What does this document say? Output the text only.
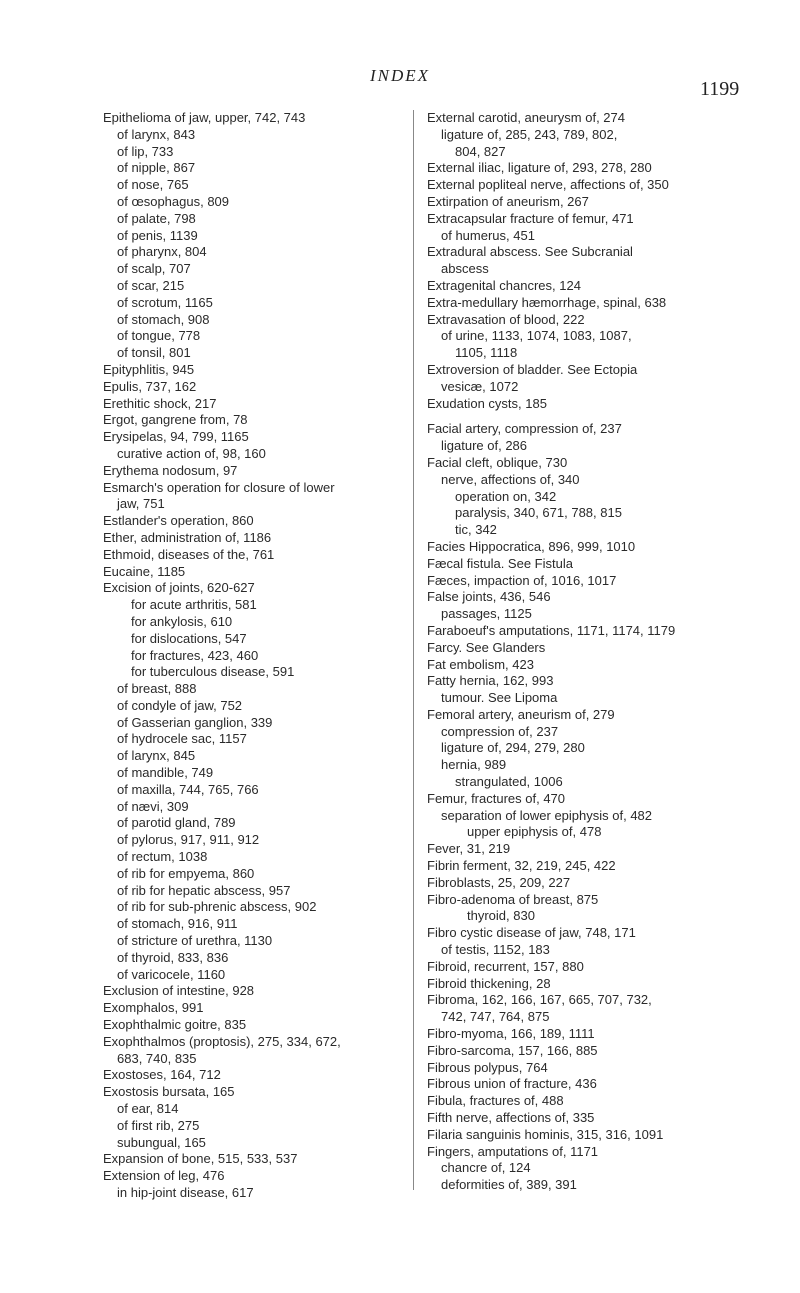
INDEX
1199
Epithelioma of jaw, upper, 742, 743
of larynx, 843
of lip, 733
of nipple, 867
of nose, 765
of œsophagus, 809
of palate, 798
of penis, 1139
of pharynx, 804
of scalp, 707
of scar, 215
of scrotum, 1165
of stomach, 908
of tongue, 778
of tonsil, 801
Epityphlitis, 945
Epulis, 737, 162
Erethitic shock, 217
Ergot, gangrene from, 78
Erysipelas, 94, 799, 1165
curative action of, 98, 160
Erythema nodosum, 97
Esmarch's operation for closure of lower
jaw, 751
Estlander's operation, 860
Ether, administration of, 1186
Ethmoid, diseases of the, 761
Eucaine, 1185
Excision of joints, 620-627
for acute arthritis, 581
for ankylosis, 610
for dislocations, 547
for fractures, 423, 460
for tuberculous disease, 591
of breast, 888
of condyle of jaw, 752
of Gasserian ganglion, 339
of hydrocele sac, 1157
of larynx, 845
of mandible, 749
of maxilla, 744, 765, 766
of nævi, 309
of parotid gland, 789
of pylorus, 917, 911, 912
of rectum, 1038
of rib for empyema, 860
of rib for hepatic abscess, 957
of rib for sub-phrenic abscess, 902
of stomach, 916, 911
of stricture of urethra, 1130
of thyroid, 833, 836
of varicocele, 1160
Exclusion of intestine, 928
Exomphalos, 991
Exophthalmic goitre, 835
Exophthalmos (proptosis), 275, 334, 672,
683, 740, 835
Exostoses, 164, 712
Exostosis bursata, 165
of ear, 814
of first rib, 275
subungual, 165
Expansion of bone, 515, 533, 537
Extension of leg, 476
in hip-joint disease, 617
External carotid, aneurysm of, 274
ligature of, 285, 243, 789, 802,
804, 827
External iliac, ligature of, 293, 278, 280
External popliteal nerve, affections of, 350
Extirpation of aneurism, 267
Extracapsular fracture of femur, 471
of humerus, 451
Extradural abscess. See Subcranial
abscess
Extragenital chancres, 124
Extra-medullary hæmorrhage, spinal, 638
Extravasation of blood, 222
of urine, 1133, 1074, 1083, 1087,
1105, 1118
Extroversion of bladder. See Ectopia
vesicæ, 1072
Exudation cysts, 185
Facial artery, compression of, 237
ligature of, 286
Facial cleft, oblique, 730
nerve, affections of, 340
operation on, 342
paralysis, 340, 671, 788, 815
tic, 342
Facies Hippocratica, 896, 999, 1010
Fæcal fistula. See Fistula
Fæces, impaction of, 1016, 1017
False joints, 436, 546
passages, 1125
Faraboeuf's amputations, 1171, 1174, 1179
Farcy. See Glanders
Fat embolism, 423
Fatty hernia, 162, 993
tumour. See Lipoma
Femoral artery, aneurism of, 279
compression of, 237
ligature of, 294, 279, 280
hernia, 989
strangulated, 1006
Femur, fractures of, 470
separation of lower epiphysis of, 482
upper epiphysis of, 478
Fever, 31, 219
Fibrin ferment, 32, 219, 245, 422
Fibroblasts, 25, 209, 227
Fibro-adenoma of breast, 875
thyroid, 830
Fibro cystic disease of jaw, 748, 171
of testis, 1152, 183
Fibroid, recurrent, 157, 880
Fibroid thickening, 28
Fibroma, 162, 166, 167, 665, 707, 732,
742, 747, 764, 875
Fibro-myoma, 166, 189, 1111
Fibro-sarcoma, 157, 166, 885
Fibrous polypus, 764
Fibrous union of fracture, 436
Fibula, fractures of, 488
Fifth nerve, affections of, 335
Filaria sanguinis hominis, 315, 316, 1091
Fingers, amputations of, 1171
chancre of, 124
deformities of, 389, 391
